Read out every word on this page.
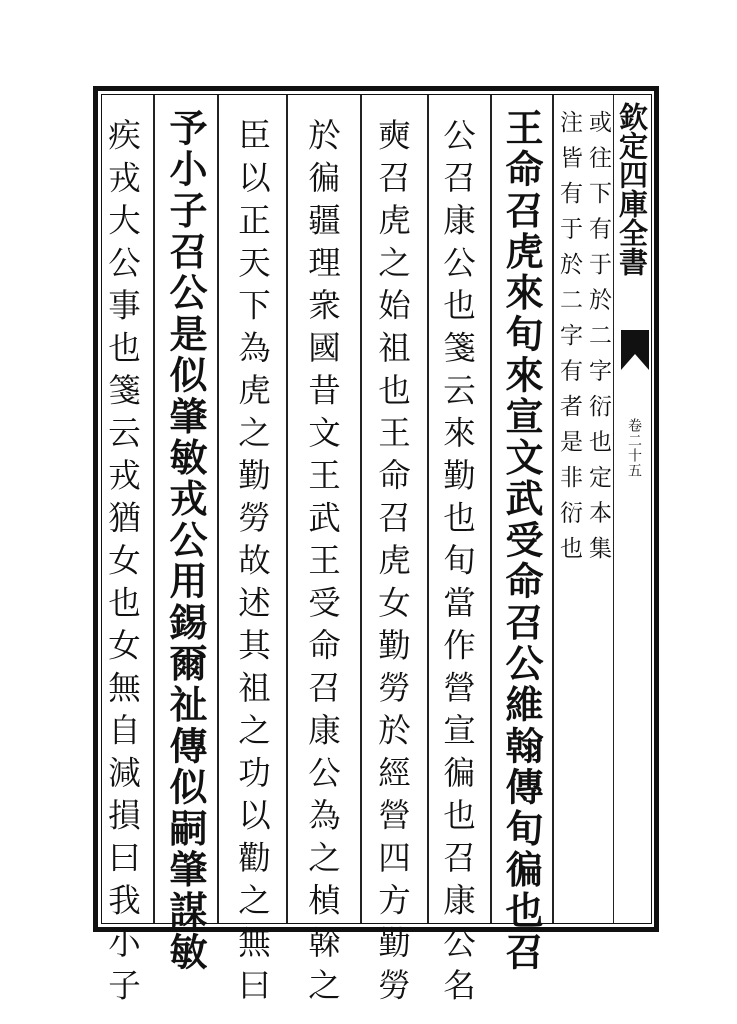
欽定四庫全書
卷二十五
或往下有于於二字衍也定本集
注皆有于於二字有者是非衍也
王命召虎來旬來宣文武受命召公維翰傳旬徧也召
公召康公也箋云來勤也旬當作營宣徧也召康公名
奭召虎之始祖也王命召虎女勤勞於經營四方勤勞
於徧疆理衆國昔文王武王受命召康公為之楨榦之
臣以正天下為虎之勤勞故述其祖之功以勸之無曰
予小子召公是似肇敏戎公用錫爾祉傳似嗣肇謀敏
疾戎大公事也箋云戎猶女也女無自減損曰我小子
